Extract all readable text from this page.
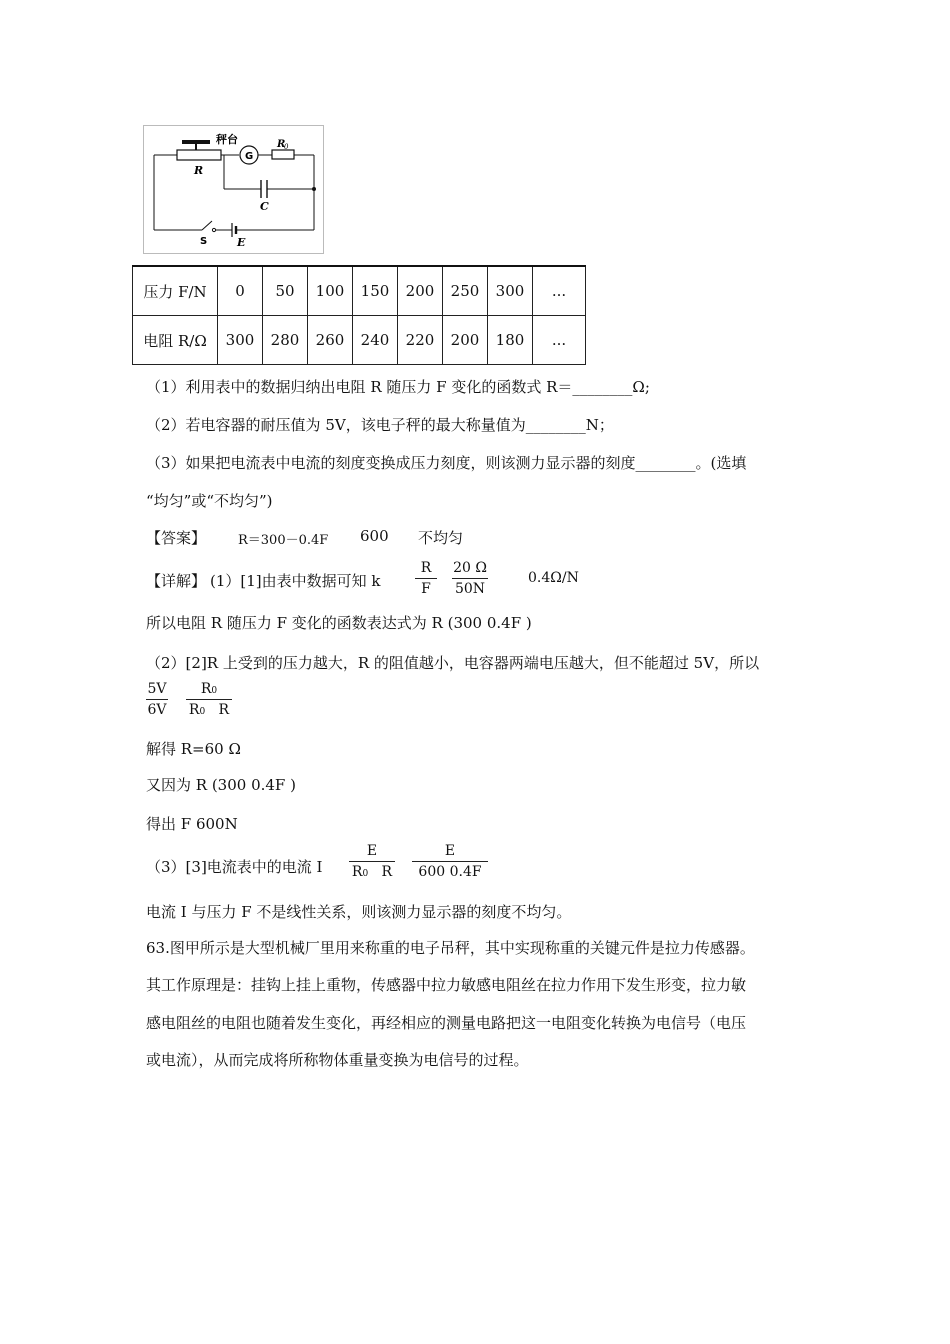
秤台
R
G
R
0
C
S	E
压力 F/N	0	50	100	150	200	250	300	...
电阻 R/Ω	300	280	260	240	220	200	180	...
（1）利用表中的数据归纳出电阻 R 随压力 F 变化的函数式 R＝________Ω;
（2）若电容器的耐压值为 5V，该电子秤的最大称量值为________N；
（3）如果把电流表中电流的刻度变换成压力刻度，则该测力显示器的刻度________。(选填
“均匀”或“不均匀”)
【答案】 R＝300－0.4F 600 不均匀
【详解】 (1）[1]由表中数据可知 k
R
F
20 Ω
50N
0.4Ω/N
所以电阻 R 随压力 F 变化的函数表达式为 R (300 0.4F )
（2）[2]R 上受到的压力越大，R 的阻值越小，电容器两端电压越大，但不能超过 5V，所以
5V
6V
R0
R0 R
解得 R=60 Ω
又因为 R (300 0.4F )
得出 F 600N
（3）[3]电流表中的电流 I
E
R0 R
E
600 0.4F
电流 I 与压力 F 不是线性关系，则该测力显示器的刻度不均匀。
63.图甲所示是大型机械厂里用来称重的电子吊秤，其中实现称重的关键元件是拉力传感器。
其工作原理是：挂钩上挂上重物，传感器中拉力敏感电阻丝在拉力作用下发生形变，拉力敏
感电阻丝的电阻也随着发生变化，再经相应的测量电路把这一电阻变化转换为电信号（电压
或电流），从而完成将所称物体重量变换为电信号的过程。
